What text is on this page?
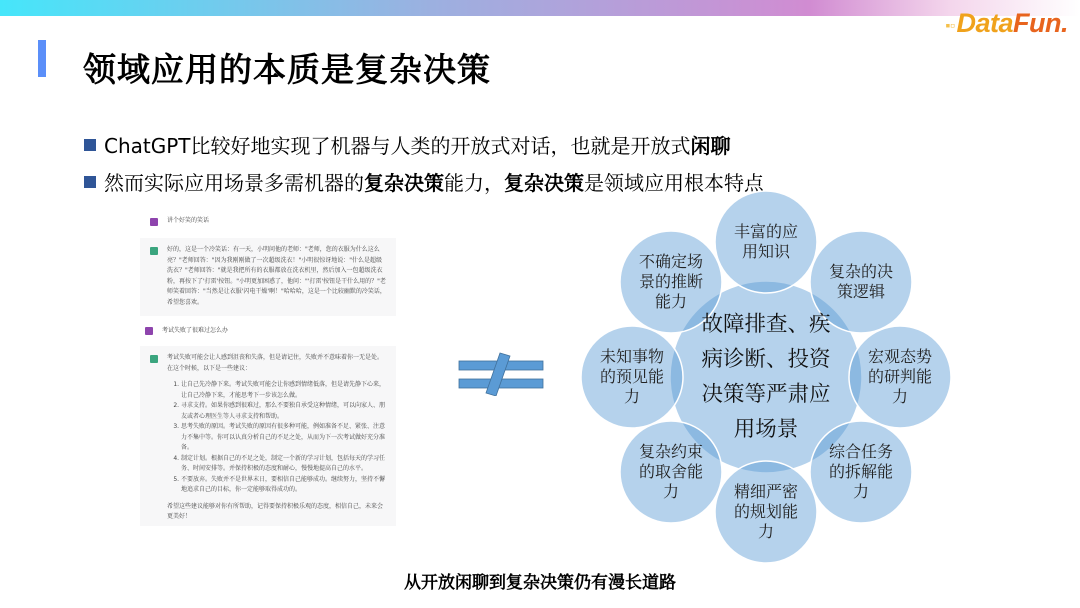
▪▫DataFun.
领域应用的本质是复杂决策
ChatGPT比较好地实现了机器与人类的开放式对话，也就是开放式 闲聊
然而实际应用场景多需机器的 复杂决策 能力， 复杂决策 是领域应用根本特点
讲个好笑的笑话
好的，这是一个冷笑话：有一天，小明问他的老师："老师，您的衣服为什么这么亮？"老师回答："因为我刚刚做了一次超级洗衣！"小明很惊讶地说："什么是超级洗衣？"老师回答："就是我把所有的衣服都放在洗衣机里，然后加入一包超级洗衣粉，再按下了'打雷'按钮。"小明更加困惑了，他问："'打雷'按钮是干什么用的？"老师笑着回答："当然是让衣服'闪电干燥'啊！"哈哈哈，这是一个比较幽默的冷笑话，希望您喜欢。
考试失败了很难过怎么办
考试失败可能会让人感到沮丧和失落，但是请记住，失败并不意味着你一无是处。在这个时候，以下是一些建议：
1. 让自己先冷静下来。考试失败可能会让你感到情绪低落，但是请先静下心来，让自己冷静下来，才能思考下一步该怎么做。
2. 寻求支持。如果你感到很难过，那么不要独自承受这种情绪，可以向家人、朋友或者心理医生等人寻求支持和帮助。
3. 思考失败的原因。考试失败的原因有很多种可能，例如准备不足、紧张、注意力不集中等。你可以认真分析自己的不足之处，从而为下一次考试做好充分准备。
4. 制定计划。根据自己的不足之处，制定一个新的学习计划，包括每天的学习任务、时间安排等。并保持积极的态度和耐心，慢慢地提高自己的水平。
5. 不要放弃。失败并不是世界末日，要相信自己能够成功。继续努力，坚持不懈地追求自己的目标，你一定能够取得成功的。
希望这些建议能够对你有所帮助，记得要保持积极乐观的态度，相信自己，未来会更美好！
丰富的应
用知识
复杂的决
策逻辑
宏观态势
的研判能
力
综合任务
的拆解能
力
精细严密
的规划能
力
复杂约束
的取舍能
力
未知事物
的预见能
力
不确定场
景的推断
能力
故障排查、疾
病诊断、投资
决策等严肃应
用场景
从开放闲聊到复杂决策仍有漫长道路
